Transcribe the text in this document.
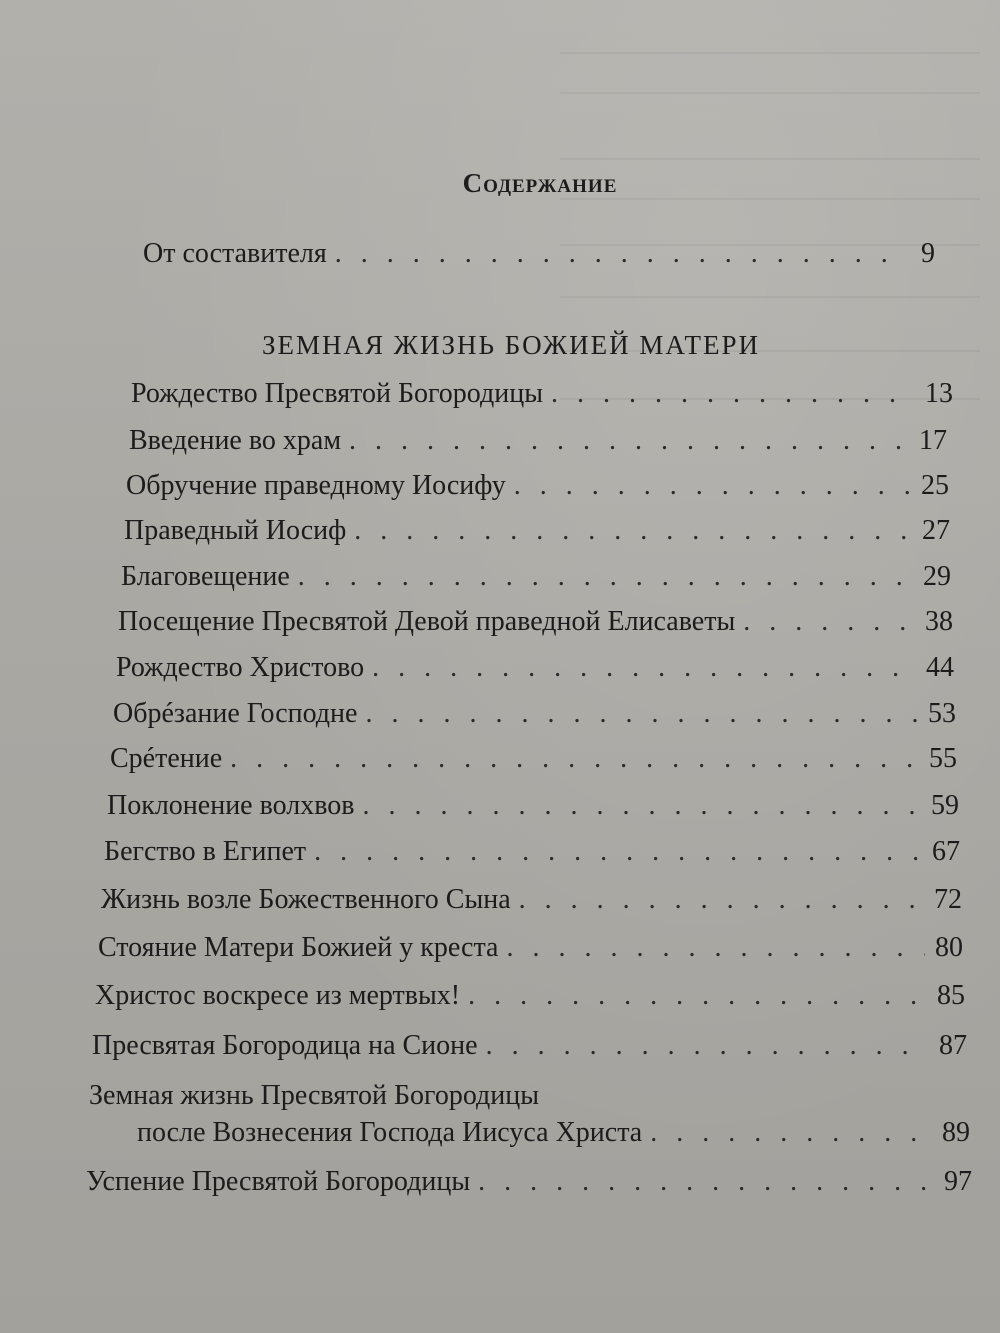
Содержание
От составителя . . .	9
ЗЕМНАЯ ЖИЗНЬ БОЖИЕЙ МАТЕРИ
Рождество Пресвятой Богородицы . . .	13
Введение во храм . . .	17
Обручение праведному Иосифу . . .	25
Праведный Иосиф . . .	27
Благовещение . . .	29
Посещение Пресвятой Девой праведной Елисаветы . . .	38
Рождество Христово . . .	44
Обрéзание Господне . . .	53
Срéтение . . .	55
Поклонение волхвов . . .	59
Бегство в Египет . . .	67
Жизнь возле Божественного Сына . . .	72
Стояние Матери Божией у креста . . .	80
Христос воскресе из мертвых! . . .	85
Пресвятая Богородица на Сионе . . .	87
Земная жизнь Пресвятой Богородицы
после Вознесения Господа Иисуса Христа . . .	89
Успение Пресвятой Богородицы . . .	97
